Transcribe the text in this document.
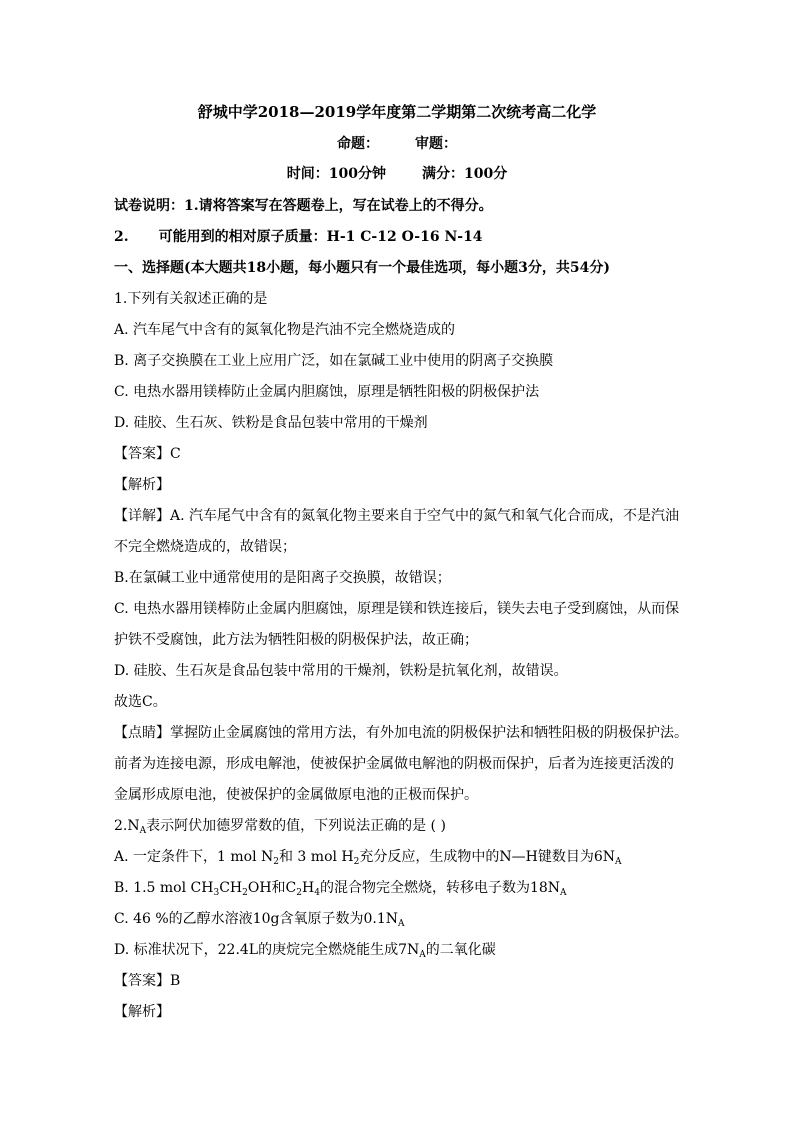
舒城中学2018—2019学年度第二学期第二次统考高二化学
命题：	审题：
时间：100分钟	满分：100分
试卷说明：1.请将答案写在答题卷上，写在试卷上的不得分。
2. 可能用到的相对原子质量：H-1 C-12 O-16 N-14
一、选择题(本大题共18小题，每小题只有一个最佳选项，每小题3分，共54分)
1.下列有关叙述正确的是
A. 汽车尾气中含有的氮氧化物是汽油不完全燃烧造成的
B. 离子交换膜在工业上应用广泛，如在氯碱工业中使用的阴离子交换膜
C. 电热水器用镁棒防止金属内胆腐蚀，原理是牺牲阳极的阴极保护法
D. 硅胶、生石灰、铁粉是食品包装中常用的干燥剂
【答案】C
【解析】
【详解】A. 汽车尾气中含有的氮氧化物主要来自于空气中的氮气和氧气化合而成，不是汽油
不完全燃烧造成的，故错误；
B.在氯碱工业中通常使用的是阳离子交换膜，故错误；
C. 电热水器用镁棒防止金属内胆腐蚀，原理是镁和铁连接后，镁失去电子受到腐蚀，从而保
护铁不受腐蚀，此方法为牺牲阳极的阴极保护法，故正确；
D. 硅胶、生石灰是食品包装中常用的干燥剂，铁粉是抗氧化剂，故错误。
故选C。
【点睛】掌握防止金属腐蚀的常用方法，有外加电流的阴极保护法和牺牲阳极的阴极保护法。
前者为连接电源，形成电解池，使被保护金属做电解池的阴极而保护，后者为连接更活泼的
金属形成原电池，使被保护的金属做原电池的正极而保护。
$2.N_A$表示阿伏加德罗常数的值，下列说法正确的是 ( )
A. 一定条件下，1 mol $N_2$和 3 mol $H_2$充分反应，生成物中的N—H键数目为$6N_A$
B. 1.5 mol $CH_3CH_2OH$和$C_2H_4$的混合物完全燃烧，转移电子数为$18N_A$
C. 46 %的乙醇水溶液10g含氧原子数为$0.1N_A$
D. 标准状况下，22.4L的庚烷完全燃烧能生成$7N_A$的二氧化碳
【答案】B
【解析】
